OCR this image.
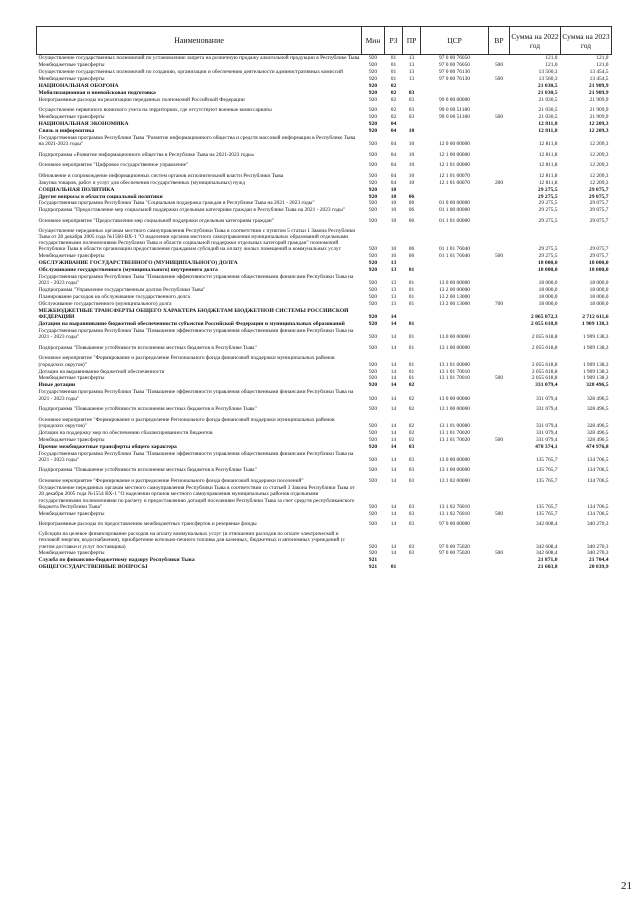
Наименование	Мин	РЗ	ПР	ЦСР	ВР	Сумма на 2022 год	Сумма на 2023 год
Осуществление государственных полномочий по установлению запрета на розничную продажу алкогольной продукции в Республике Тыва	920	01	13	97 0 00 76050		121,0	121,0
Межбюджетные трансферты	920	01	13	97 0 00 76050	500	121,0	121,0
Осуществление государственных полномочий по созданию, организации и обеспечению деятельности административных комиссий	920	01	13	97 0 00 76130		13 560,3	13 454,5
Межбюджетные трансферты	920	01	13	97 0 00 76130	500	13 560,3	13 454,5
НАЦИОНАЛЬНАЯ ОБОРОНА	920	02				21 030,5	21 909,9
Мобилизационная и вневойсковая подготовка	920	02	03			21 030,5	21 909,9
Непрограммные расходы на реализацию переданных полномочий Российской Федерации	920	02	03	99 0 00 00000		21 030,5	21 909,9
Осуществление первичного воинского учета на территориях, где отсутствуют военные комиссариаты	920	02	03	99 0 00 51180		21 030,5	21 909,9
Межбюджетные трансферты	920	02	03	99 0 00 51180	500	21 030,5	21 909,9
НАЦИОНАЛЬНАЯ ЭКОНОМИКА	920	04				12 811,8	12 209,3
Связь и информатика	920	04	10			12 811,8	12 209,3
Государственная программа Республики Тыва "Развитие информационного общества и средств массовой информации в Республике Тыва на 2021-2023 годы"	920	04	10	12 0 00 00000		12 811,8	12 209,3
Подпрограмма «Развитие информационного общества в Республике Тыва на 2021-2023 годы»	920	04	10	12 1 00 00000		12 811,8	12 209,3
Основное мероприятие "Цифровое государственное управление"	920	04	10	12 1 01 00000		12 811,8	12 209,3
Обновление и сопровождение информационных систем органов исполнительной власти Республики Тыва	920	04	10	12 1 01 00070		12 811,8	12 209,3
Закупка товаров, работ и услуг для обеспечения государственных (муниципальных) нужд	920	04	10	12 1 01 00070	200	12 811,8	12 209,3
СОЦИАЛЬНАЯ ПОЛИТИКА	920	10				29 275,5	29 075,7
Другие вопросы в области социальной политики	920	10	06			29 275,5	29 075,7
Государственная программа Республики Тыва "Социальная поддержка граждан в Республике Тыва на 2021 - 2023 годы"	920	10	06	01 0 00 00000		29 275,5	29 075,7
Подпрограмма "Предоставление мер социальной поддержки отдельным категориям граждан в Республике Тыва на 2021 - 2023 годы"	920	10	06	01 1 00 00000		29 275,5	29 075,7
Основное мероприятие "Предоставление мер социальной поддержки отдельным категориям граждан"	920	10	06	01 1 01 00000		29 275,5	29 075,7
Осуществление переданных органам местного самоуправления Республики Тыва в соответствии с пунктом 5 статьи 1 Закона Республики Тыва от 28 декабря 2005 года №1560-ВХ-1 "О наделении органов местного самоуправления муниципальных образований отдельными государственными полномочиями Республики Тыва и области социальной поддержки отдельных категорий граждан" полномочий Республики Тыва в области организации предоставления гражданам субсидий на оплату жилых помещений и коммунальных услуг	920	10	06	01 1 01 76040		29 275,5	29 075,7
Межбюджетные трансферты	920	10	06	01 1 01 76040	500	29 275,5	29 075,7
ОБСЛУЖИВАНИЕ ГОСУДАРСТВЕННОГО (МУНИЦИПАЛЬНОГО) ДОЛГА	920	13				18 000,0	18 000,0
Обслуживание государственного (муниципального) внутреннего долга	920	13	01			18 000,0	18 000,0
Государственная программа Республики Тыва "Повышение эффективности управления общественными финансами Республики Тыва на 2021 - 2023 годы"	920	13	01	13 0 00 00000		18 000,0	18 000,0
Подпрограмма "Управление государственным долгом Республики Тыва"	920	13	01	13 2 00 00000		18 000,0	18 000,0
Планирование расходов на обслуживание государственного долга	920	13	01	13 2 00 13000		18 000,0	18 000,0
Обслуживание государственного (муниципального) долга	920	13	01	13 2 00 13000	700	18 000,0	18 000,0
МЕЖБЮДЖЕТНЫЕ ТРАНСФЕРТЫ ОБЩЕГО ХАРАКТЕРА БЮДЖЕТАМ БЮДЖЕТНОЙ СИСТЕМЫ РОССИЙСКОЙ ФЕДЕРАЦИИ	920	14				2 865 072,3	2 712 611,6
Дотации на выравнивание бюджетной обеспеченности субъектов Российской Федерации и муниципальных образований	920	14	01			2 055 618,8	1 909 138,3
Государственная программа Республики Тыва "Повышение эффективности управления общественными финансами Республики Тыва на 2021 - 2023 годы"	920	14	01	13 0 00 00000		2 055 618,8	1 909 138,3
Подпрограмма "Повышение устойчивости исполнения местных бюджетов в Республике Тыва"	920	14	01	13 1 00 00000		2 055 618,8	1 909 138,3
Основное мероприятие "Формирование и распределение Регионального фонда финансовой поддержки муниципальных районов (городских округов)"	920	14	01	13 1 01 00000		2 055 618,8	1 909 138,3
Дотации на выравнивание бюджетной обеспеченности	920	14	01	13 1 01 70010		2 055 618,8	1 909 138,3
Межбюджетные трансферты	920	14	01	13 1 01 70010	500	2 055 618,8	1 909 138,3
Иные дотации	920	14	02			331 079,4	328 496,5
Государственная программа Республики Тыва "Повышение эффективности управления общественными финансами Республики Тыва на 2021 - 2023 годы"	920	14	02	13 0 00 00000		331 079,4	328 496,5
Подпрограмма "Повышение устойчивости исполнения местных бюджетов в Республике Тыва"	920	14	02	13 1 00 00000		331 079,4	328 496,5
Основное мероприятие "Формирование и распределение Регионального фонда финансовой поддержки муниципальных районов (городских округов)"	920	14	02	13 1 01 00000		331 079,4	328 496,5
Дотации на поддержку мер по обеспечению сбалансированности бюджетов	920	14	02	13 1 01 70020		331 079,4	328 496,5
Межбюджетные трансферты	920	14	02	13 1 01 70020	500	331 079,4	328 496,5
Прочие межбюджетные трансферты общего характера	920	14	03			478 374,1	474 976,8
Государственная программа Республики Тыва "Повышение эффективности управления общественными финансами Республики Тыва на 2021 - 2023 годы"	920	14	03	13 0 00 00000		135 765,7	134 706,5
Подпрограмма "Повышение устойчивости исполнения местных бюджетов в Республике Тыва"	920	14	03	13 1 00 00000		135 765,7	134 706,5
Основное мероприятие "Формирование и распределение Регионального фонда финансовой поддержки поселений"	920	14	03	13 1 02 00000		135 765,7	134 706,5
Осуществление переданных органам местного самоуправления Республики Тыва в соответствии со статьей 3 Закона Республики Тыва от 28 декабря 2005 года №1554 ВХ-1 "О наделении органов местного самоуправления муниципальных районов отдельными государственными полномочиями по расчету и предоставлению дотаций поселениям Республики Тыва за счет средств республиканского бюджета Республики Тыва"	920	14	03	13 1 02 76010		135 765,7	134 706,5
Межбюджетные трансферты	920	14	03	13 1 02 76010	500	135 765,7	134 706,5
Непрограммные расходы по предоставлению межбюджетных трансфертов и резервные фонды	920	14	03	97 0 00 00000		342 608,4	340 270,3
Субсидии на целевое финансирование расходов на оплату коммунальных услуг (в отношении расходов по оплате электрической и тепловой энергии, водоснабжения), приобретение котельно-печного топлива для казенных, бюджетных и автономных учреждений (с учетом доставки и услуг поставщика)	920	14	03	97 0 00 75020		342 608,4	340 270,3
Межбюджетные трансферты	920	14	03	97 0 00 75020	500	342 608,4	340 270,3
Служба по финансово-бюджетному надзору Республики Тыва	921					21 871,0	21 704,4
ОБЩЕГОСУДАРСТВЕННЫЕ ВОПРОСЫ	921	01				21 603,8	20 839,9
21
